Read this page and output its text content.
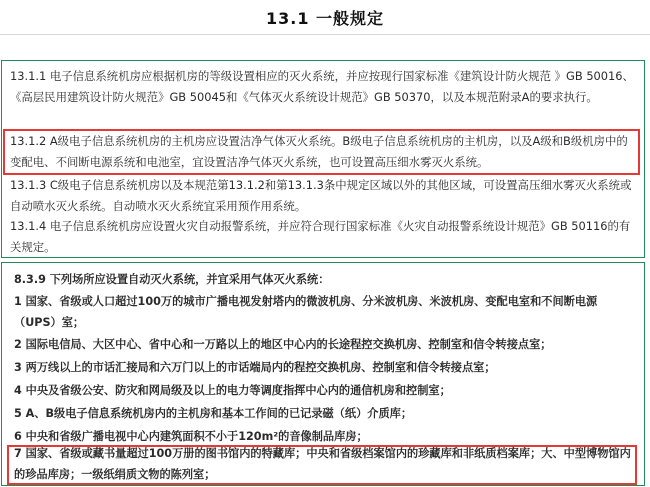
13.1 一般规定
13.1.1 电子信息系统机房应根据机房的等级设置相应的灭火系统，并应按现行国家标准《建筑设计防火规范 》GB 50016、《高层民用建筑设计防火规范》GB 50045和《气体灭火系统设计规范》GB 50370，以及本规范附录A的要求执行。
13.1.2 A级电子信息系统机房的主机房应设置洁净气体灭火系统。B级电子信息系统机房的主机房，以及A级和B级机房中的变配电、不间断电源系统和电池室，宜设置洁净气体灭火系统，也可设置高压细水雾灭火系统。
13.1.3 C级电子信息系统机房以及本规范第13.1.2和第13.1.3条中规定区域以外的其他区域，可设置高压细水雾灭火系统或自动喷水灭火系统。自动喷水灭火系统宜采用预作用系统。
13.1.4 电子信息系统机房应设置火灾自动报警系统，并应符合现行国家标准《火灾自动报警系统设计规范》GB 50116的有关规定。
8.3.9 下列场所应设置自动灭火系统，并宜采用气体灭火系统：
1 国家、省级或人口超过100万的城市广播电视发射塔内的微波机房、分米波机房、米波机房、变配电室和不间断电源（UPS）室；
2 国际电信局、大区中心、省中心和一万路以上的地区中心内的长途程控交换机房、控制室和信令转接点室；
3 两万线以上的市话汇接局和六万门以上的市话端局内的程控交换机房、控制室和信令转接点室；
4 中央及省级公安、防灾和网局级及以上的电力等调度指挥中心内的通信机房和控制室；
5 A、B级电子信息系统机房内的主机房和基本工作间的已记录磁（纸）介质库；
6 中央和省级广播电视中心内建筑面积不小于120m²的音像制品库房；
7 国家、省级或藏书量超过100万册的图书馆内的特藏库；中央和省级档案馆内的珍藏库和非纸质档案库；大、中型博物馆内的珍品库房；一级纸绢质文物的陈列室；
